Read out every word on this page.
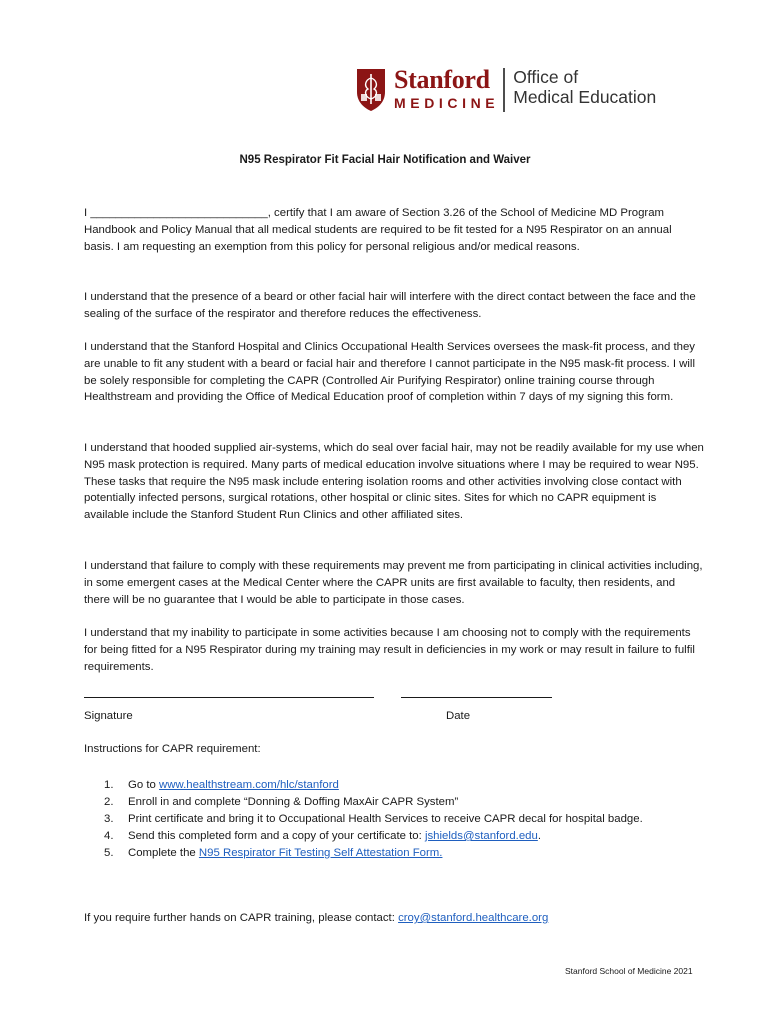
Stanford
MEDICINE
Office of
Medical Education
N95 Respirator Fit Facial Hair Notification and Waiver

I ____________________________, certify that I am aware of Section 3.26 of the School of Medicine MD Program Handbook and Policy Manual that all medical students are required to be fit tested for a N95 Respirator on an annual basis. I am requesting an exemption from this policy for personal religious and/or medical reasons.

I understand that the presence of a beard or other facial hair will interfere with the direct contact between the face and the sealing of the surface of the respirator and therefore reduces the effectiveness.

I understand that the Stanford Hospital and Clinics Occupational Health Services oversees the mask-fit process, and they are unable to fit any student with a beard or facial hair and therefore I cannot participate in the N95 mask-fit process. I will be solely responsible for completing the CAPR (Controlled Air Purifying Respirator) online training course through Healthstream and providing the Office of Medical Education proof of completion within 7 days of my signing this form.

I understand that hooded supplied air-systems, which do seal over facial hair, may not be readily available for my use when N95 mask protection is required. Many parts of medical education involve situations where I may be required to wear N95. These tasks that require the N95 mask include entering isolation rooms and other activities involving close contact with potentially infected persons, surgical rotations, other hospital or clinic sites. Sites for which no CAPR equipment is available include the Stanford Student Run Clinics and other affiliated sites.

I understand that failure to comply with these requirements may prevent me from participating in clinical activities including, in some emergent cases at the Medical Center where the CAPR units are first available to faculty, then residents, and there will be no guarantee that I would be able to participate in those cases.

I understand that my inability to participate in some activities because I am choosing not to comply with the requirements for being fitted for a N95 Respirator during my training may result in deficiencies in my work or may result in failure to fulfil requirements.

Signature	Date
Instructions for CAPR requirement:
1.	Go to www.healthstream.com/hlc/stanford
2.	Enroll in and complete “Donning & Doffing MaxAir CAPR System”
3.	Print certificate and bring it to Occupational Health Services to receive CAPR decal for hospital badge.
4.	Send this completed form and a copy of your certificate to: jshields@stanford.edu.
5.	Complete the N95 Respirator Fit Testing Self Attestation Form.
If you require further hands on CAPR training, please contact: croy@stanford.healthcare.org
Stanford School of Medicine 2021
